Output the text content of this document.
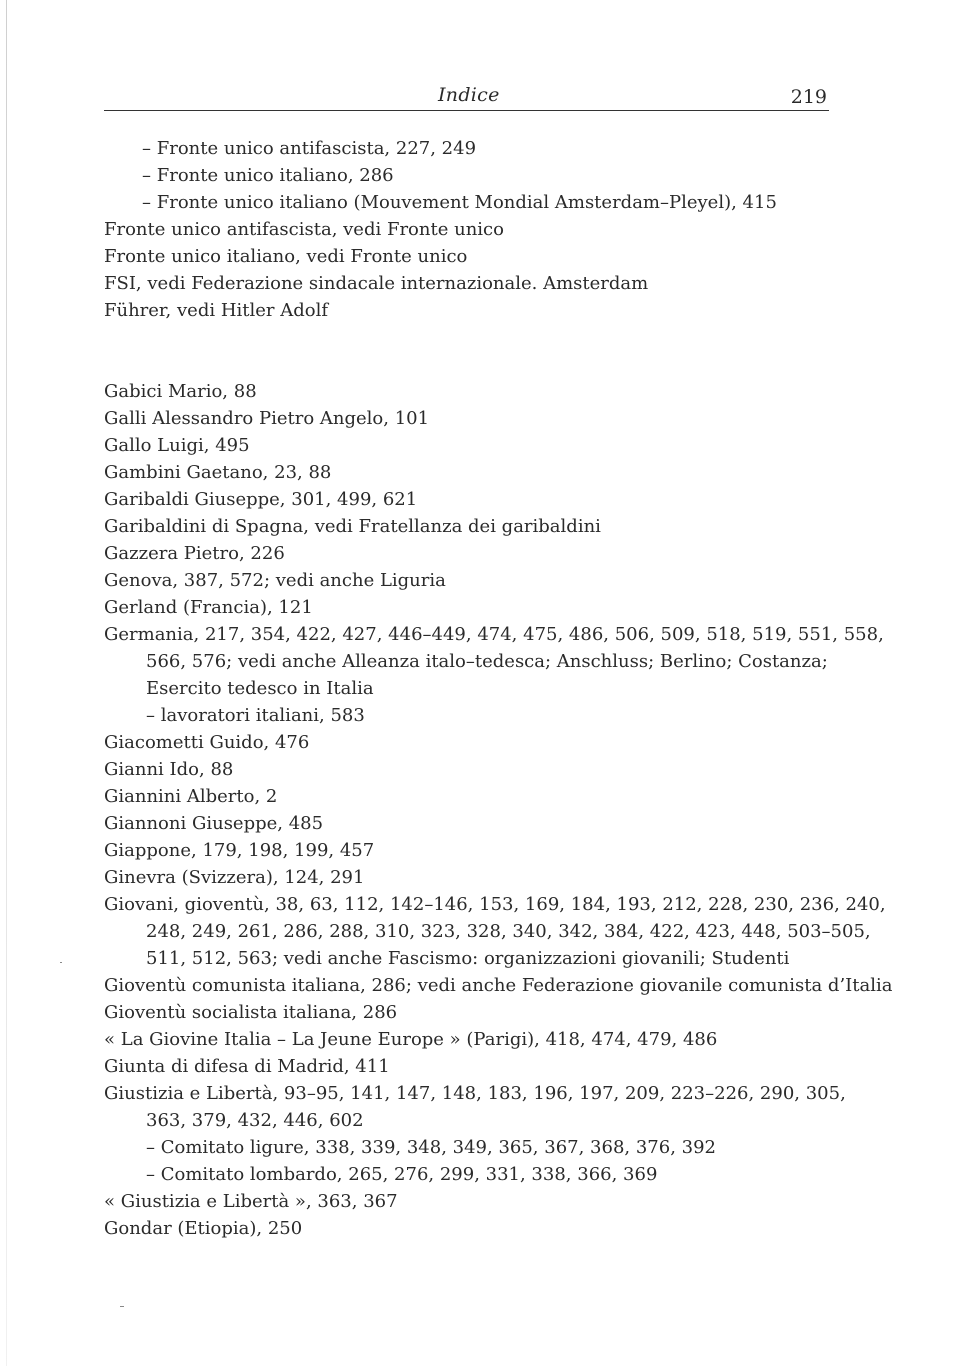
Indice	219
– Fronte unico antifascista, 227, 249
– Fronte unico italiano, 286
– Fronte unico italiano (Mouvement Mondial Amsterdam–Pleyel), 415
Fronte unico antifascista, vedi Fronte unico
Fronte unico italiano, vedi Fronte unico
FSI, vedi Federazione sindacale internazionale. Amsterdam
Führer, vedi Hitler Adolf
Gabici Mario, 88
Galli Alessandro Pietro Angelo, 101
Gallo Luigi, 495
Gambini Gaetano, 23, 88
Garibaldi Giuseppe, 301, 499, 621
Garibaldini di Spagna, vedi Fratellanza dei garibaldini
Gazzera Pietro, 226
Genova, 387, 572; vedi anche Liguria
Gerland (Francia), 121
Germania, 217, 354, 422, 427, 446–449, 474, 475, 486, 506, 509, 518, 519, 551, 558,
566, 576; vedi anche Alleanza italo–tedesca; Anschluss; Berlino; Costanza;
Esercito tedesco in Italia
– lavoratori italiani, 583
Giacometti Guido, 476
Gianni Ido, 88
Giannini Alberto, 2
Giannoni Giuseppe, 485
Giappone, 179, 198, 199, 457
Ginevra (Svizzera), 124, 291
Giovani, gioventù, 38, 63, 112, 142–146, 153, 169, 184, 193, 212, 228, 230, 236, 240,
248, 249, 261, 286, 288, 310, 323, 328, 340, 342, 384, 422, 423, 448, 503–505,
511, 512, 563; vedi anche Fascismo: organizzazioni giovanili; Studenti
Gioventù comunista italiana, 286; vedi anche Federazione giovanile comunista d’Italia
Gioventù socialista italiana, 286
« La Giovine Italia – La Jeune Europe » (Parigi), 418, 474, 479, 486
Giunta di difesa di Madrid, 411
Giustizia e Libertà, 93–95, 141, 147, 148, 183, 196, 197, 209, 223–226, 290, 305,
363, 379, 432, 446, 602
– Comitato ligure, 338, 339, 348, 349, 365, 367, 368, 376, 392
– Comitato lombardo, 265, 276, 299, 331, 338, 366, 369
« Giustizia e Libertà », 363, 367
Gondar (Etiopia), 250
